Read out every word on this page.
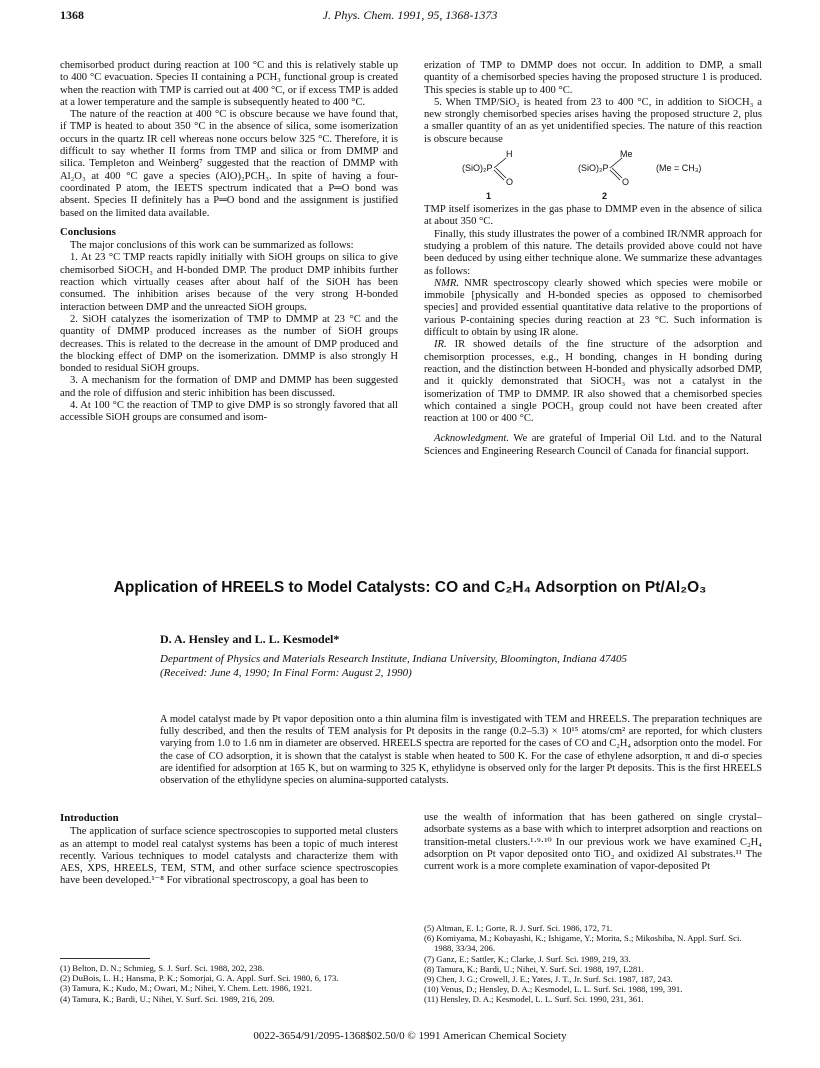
1368	J. Phys. Chem. 1991, 95, 1368-1373

chemisorbed product during reaction at 100 °C and this is relatively stable up to 400 °C evacuation. Species II containing a PCH₃ functional group is created when the reaction with TMP is carried out at 400 °C, or if excess TMP is added at a lower temperature and the sample is subsequently heated to 400 °C.

The nature of the reaction at 400 °C is obscure because we have found that, if TMP is heated to about 350 °C in the absence of silica, some isomerization occurs in the quartz IR cell whereas none occurs below 325 °C. Therefore, it is difficult to say whether II forms from TMP and silica or from DMMP and silica. Templeton and Weinberg⁷ suggested that the reaction of DMMP with Al₂O₃ at 400 °C gave a species (AlO)₂PCH₃. In spite of having a four-coordinated P atom, the IEETS spectrum indicated that a P═O bond was absent. Species II definitely has a P═O bond and the assignment is justified based on the limited data available.

Conclusions

The major conclusions of this work can be summarized as follows:

1. At 23 °C TMP reacts rapidly initially with SiOH groups on silica to give chemisorbed SiOCH₃ and H-bonded DMP. The product DMP inhibits further reaction which virtually ceases after about half of the SiOH has been consumed. The inhibition arises because of the very strong H-bonded interaction between DMP and the unreacted SiOH groups.

2. SiOH catalyzes the isomerization of TMP to DMMP at 23 °C and the quantity of DMMP produced increases as the number of SiOH groups decreases. This is related to the decrease in the amount of DMP produced and the blocking effect of DMP on the isomerization. DMMP is also strongly H bonded to residual SiOH groups.

3. A mechanism for the formation of DMP and DMMP has been suggested and the role of diffusion and steric inhibition has been discussed.

4. At 100 °C the reaction of TMP to give DMP is so strongly favored that all accessible SiOH groups are consumed and isom-

erization of TMP to DMMP does not occur. In addition to DMP, a small quantity of a chemisorbed species having the proposed structure 1 is produced. This species is stable up to 400 °C.

5. When TMP/SiO₂ is heated from 23 to 400 °C, in addition to SiOCH₃ a new strongly chemisorbed species arises having the proposed structure 2, plus a smaller quantity of an as yet unidentified species. The nature of this reaction is obscure because

H
(SiO)₂P
O
1
Me
(SiO)₂P
O
2
(Me = CH₃)

TMP itself isomerizes in the gas phase to DMMP even in the absence of silica at about 350 °C.

Finally, this study illustrates the power of a combined IR/NMR approach for studying a problem of this nature. The details provided above could not have been deduced by using either technique alone. We summarize these advantages as follows:

NMR. NMR spectroscopy clearly showed which species were mobile or immobile [physically and H-bonded species as opposed to chemisorbed species] and provided essential quantitative data relative to the proportions of various P-containing species during reaction at 23 °C. Such information is difficult to obtain by using IR alone.

IR. IR showed details of the fine structure of the adsorption and chemisorption processes, e.g., H bonding, changes in H bonding during reaction, and the distinction between H-bonded and physically adsorbed DMP, and it quickly demonstrated that SiOCH₃ was not a catalyst in the isomerization of TMP to DMMP. IR also showed that a chemisorbed species which contained a single POCH₃ group could not have been created after reaction at 100 or 400 °C.

Acknowledgment. We are grateful of Imperial Oil Ltd. and to the Natural Sciences and Engineering Research Council of Canada for financial support.

Application of HREELS to Model Catalysts: CO and C₂H₄ Adsorption on Pt/Al₂O₃
D. A. Hensley and L. L. Kesmodel*
Department of Physics and Materials Research Institute, Indiana University, Bloomington, Indiana 47405
(Received: June 4, 1990; In Final Form: August 2, 1990)
A model catalyst made by Pt vapor deposition onto a thin alumina film is investigated with TEM and HREELS. The preparation techniques are fully described, and then the results of TEM analysis for Pt deposits in the range (0.2–5.3) × 10¹⁵ atoms/cm² are reported, for which clusters varying from 1.0 to 1.6 nm in diameter are observed. HREELS spectra are reported for the cases of CO and C₂H₄ adsorption onto the model. For the case of CO adsorption, it is shown that the catalyst is stable when heated to 500 K. For the case of ethylene adsorption, π and di-σ species are identified for adsorption at 165 K, but on warming to 325 K, ethylidyne is observed only for the larger Pt deposits. This is the first HREELS observation of the ethylidyne species on alumina-supported catalysts.
Introduction

The application of surface science spectroscopies to supported metal clusters as an attempt to model real catalyst systems has been a topic of much interest recently. Various techniques to model catalysts and characterize them with AES, XPS, HREELS, TEM, STM, and other surface science spectroscopies have been developed.¹⁻⁸ For vibrational spectroscopy, a goal has been to

use the wealth of information that has been gathered on single crystal–adsorbate systems as a base with which to interpret adsorption and reactions on transition-metal clusters.¹·⁹·¹⁰ In our previous work we have examined C₂H₄ adsorption on Pt vapor deposited onto TiO₂ and oxidized Al substrates.¹¹ The current work is a more complete examination of vapor-deposited Pt

(1) Belton, D. N.; Schmieg, S. J. Surf. Sci. 1988, 202, 238.

(2) DuBois, L. H.; Hansma, P. K.; Somorjai, G. A. Appl. Surf. Sci. 1980, 6, 173.

(3) Tamura, K.; Kudo, M.; Owari, M.; Nihei, Y. Chem. Lett. 1986, 1921.

(4) Tamura, K.; Bardi, U.; Nihei, Y. Surf. Sci. 1989, 216, 209.

(5) Altman, E. I.; Gorte, R. J. Surf. Sci. 1986, 172, 71.

(6) Komiyama, M.; Kobayashi, K.; Ishigame, Y.; Morita, S.; Mikoshiba, N. Appl. Surf. Sci. 1988, 33/34, 206.

(7) Ganz, E.; Sattler, K.; Clarke, J. Surf. Sci. 1989, 219, 33.

(8) Tamura, K.; Bardi, U.; Nihei, Y. Surf. Sci. 1988, 197, L281.

(9) Chen, J. G.; Crowell, J. E.; Yates, J. T., Jr. Surf. Sci. 1987, 187, 243.

(10) Venus, D.; Hensley, D. A.; Kesmodel, L. L. Surf. Sci. 1988, 199, 391.

(11) Hensley, D. A.; Kesmodel, L. L. Surf. Sci. 1990, 231, 361.

0022-3654/91/2095-1368$02.50/0 © 1991 American Chemical Society
